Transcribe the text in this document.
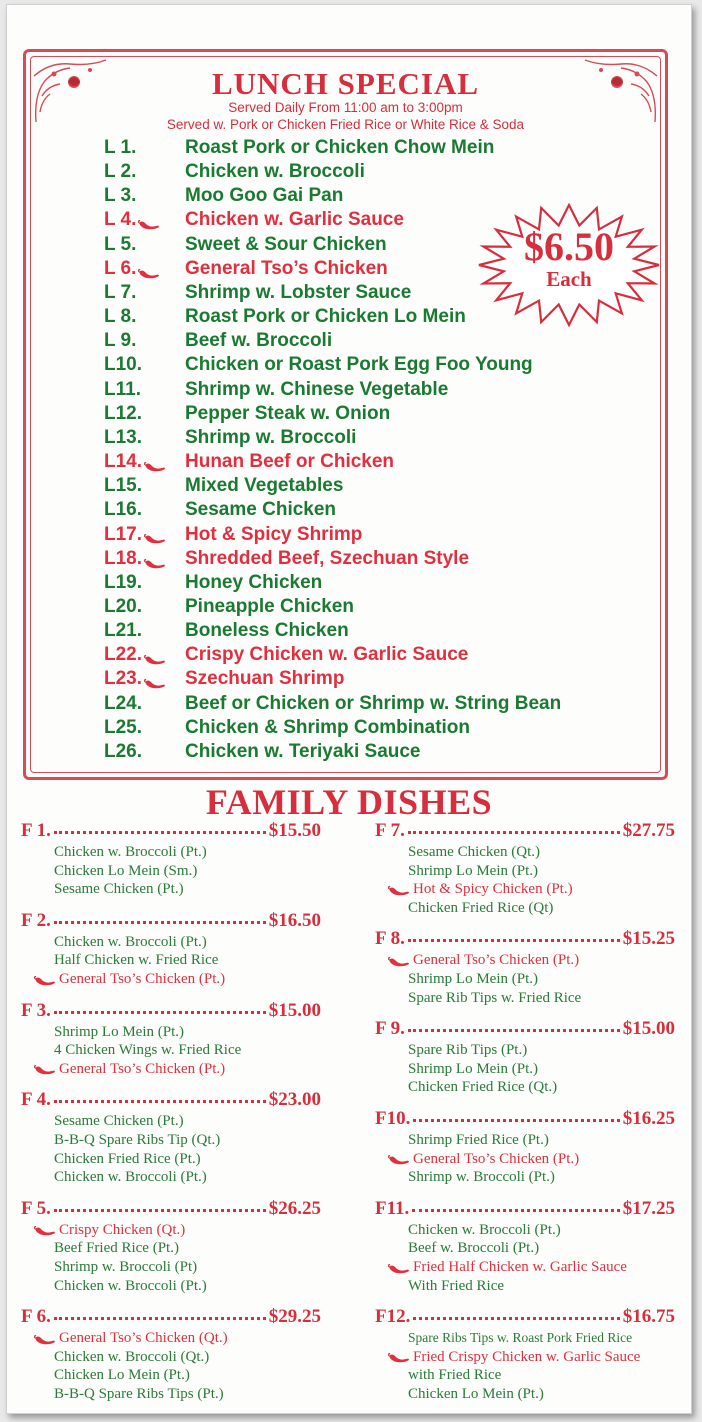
LUNCH SPECIAL
Served Daily From 11:00 am to 3:00pm
Served w. Pork or Chicken Fried Rice or White Rice & Soda
L 1.	Roast Pork or Chicken Chow Mein
L 2.	Chicken w. Broccoli
L 3.	Moo Goo Gai Pan
L 4.	Chicken w. Garlic Sauce
L 5.	Sweet & Sour Chicken
L 6.	General Tso’s Chicken
L 7.	Shrimp w. Lobster Sauce
L 8.	Roast Pork or Chicken Lo Mein
L 9.	Beef w. Broccoli
L10.	Chicken or Roast Pork Egg Foo Young
L11.	Shrimp w. Chinese Vegetable
L12.	Pepper Steak w. Onion
L13.	Shrimp w. Broccoli
L14.	Hunan Beef or Chicken
L15.	Mixed Vegetables
L16.	Sesame Chicken
L17.	Hot & Spicy Shrimp
L18.	Shredded Beef, Szechuan Style
L19.	Honey Chicken
L20.	Pineapple Chicken
L21.	Boneless Chicken
L22.	Crispy Chicken w. Garlic Sauce
L23.	Szechuan Shrimp
L24.	Beef or Chicken or Shrimp w. String Bean
L25.	Chicken & Shrimp Combination
L26.	Chicken w. Teriyaki Sauce
$6.50
Each
FAMILY DISHES
F 1.	$15.50
Chicken w. Broccoli (Pt.)
Chicken Lo Mein (Sm.)
Sesame Chicken (Pt.)
F 2.	$16.50
Chicken w. Broccoli (Pt.)
Half Chicken w. Fried Rice
General Tso’s Chicken (Pt.)
F 3.	$15.00
Shrimp Lo Mein (Pt.)
4 Chicken Wings w. Fried Rice
General Tso’s Chicken (Pt.)
F 4.	$23.00
Sesame Chicken (Pt.)
B-B-Q Spare Ribs Tip (Qt.)
Chicken Fried Rice (Pt.)
Chicken w. Broccoli (Pt.)
F 5.	$26.25
Crispy Chicken (Qt.)
Beef Fried Rice (Pt.)
Shrimp w. Broccoli (Pt)
Chicken w. Broccoli (Pt.)
F 6.	$29.25
General Tso’s Chicken (Qt.)
Chicken w. Broccoli (Qt.)
Chicken Lo Mein (Pt.)
B-B-Q Spare Ribs Tips (Pt.)
F 7.	$27.75
Sesame Chicken (Qt.)
Shrimp Lo Mein (Pt.)
Hot & Spicy Chicken (Pt.)
Chicken Fried Rice (Qt)
F 8.	$15.25
General Tso’s Chicken (Pt.)
Shrimp Lo Mein (Pt.)
Spare Rib Tips w. Fried Rice
F 9.	$15.00
Spare Rib Tips (Pt.)
Shrimp Lo Mein (Pt.)
Chicken Fried Rice (Qt.)
F10.	$16.25
Shrimp Fried Rice (Pt.)
General Tso’s Chicken (Pt.)
Shrimp w. Broccoli (Pt.)
F11.	$17.25
Chicken w. Broccoli (Pt.)
Beef w. Broccoli (Pt.)
Fried Half Chicken w. Garlic Sauce
With Fried Rice
F12.	$16.75
Spare Ribs Tips w. Roast Pork Fried Rice
Fried Crispy Chicken w. Garlic Sauce
with Fried Rice
Chicken Lo Mein (Pt.)
